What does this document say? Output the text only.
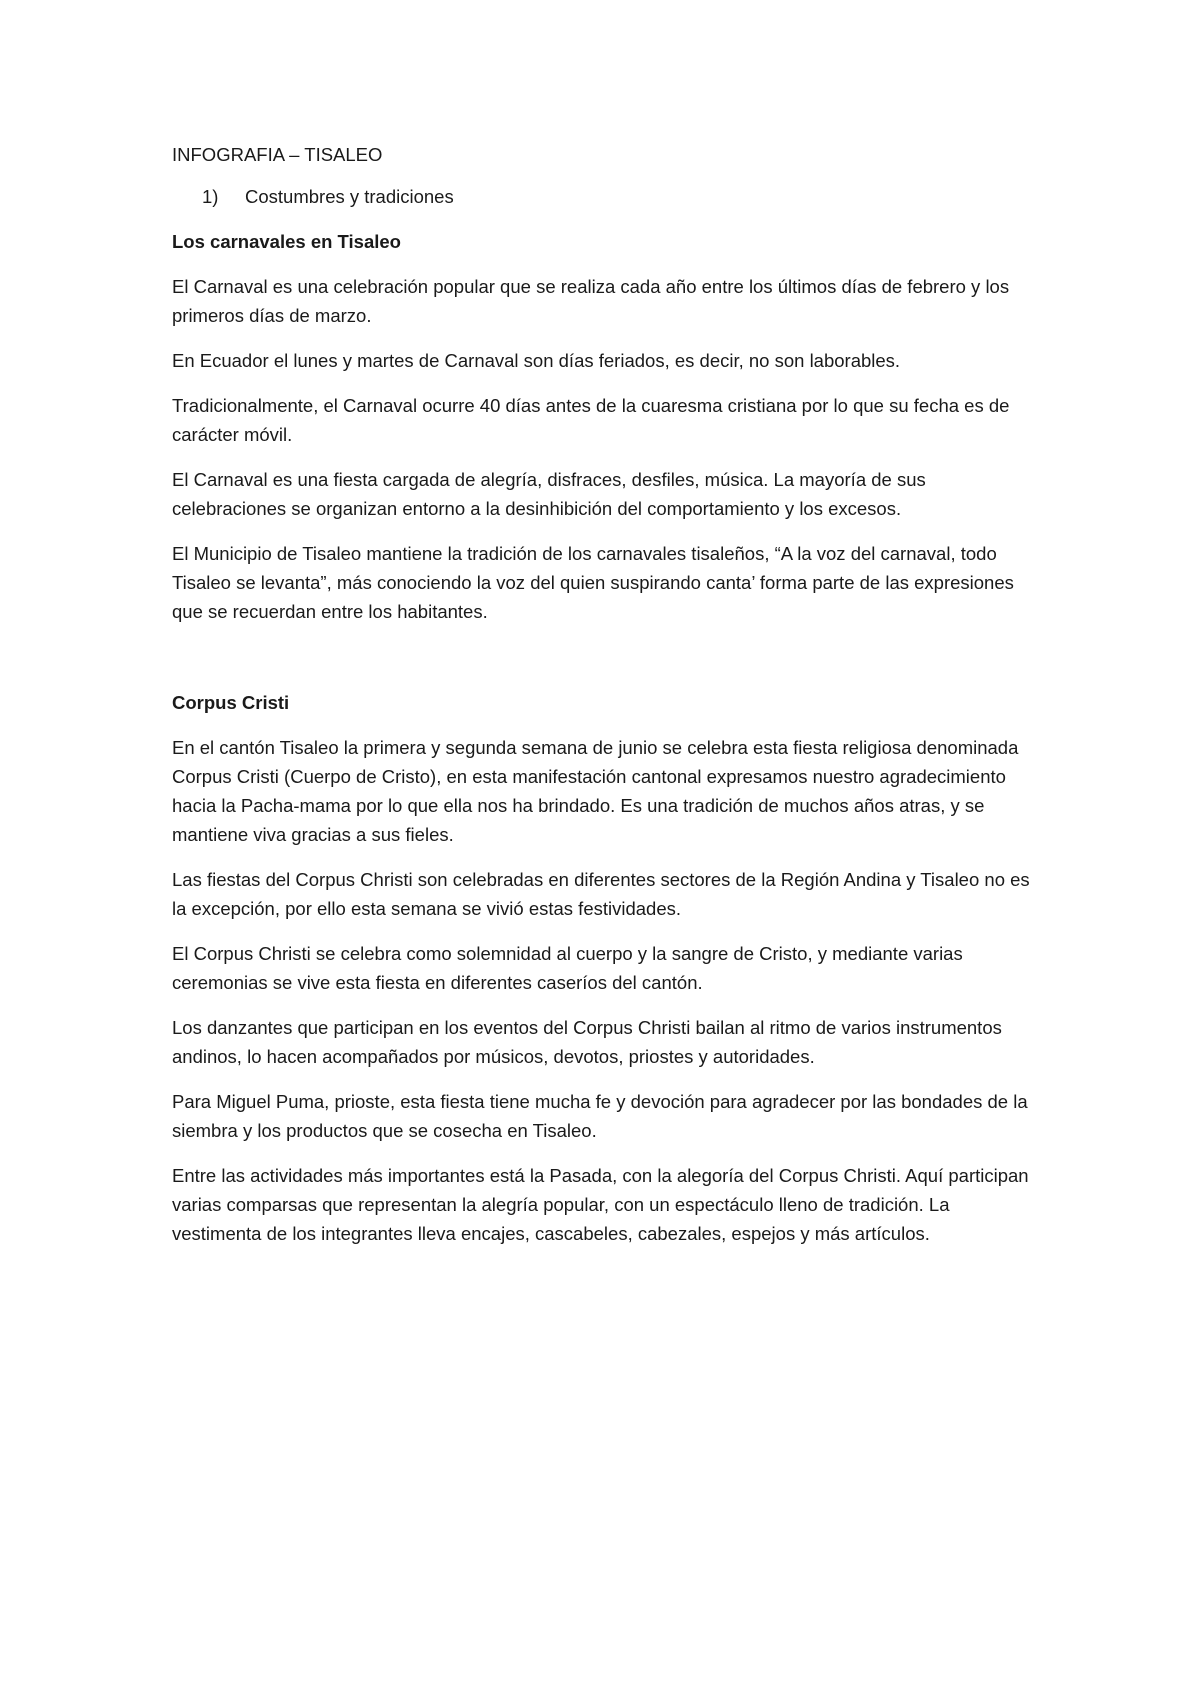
INFOGRAFIA – TISALEO
1)	Costumbres y tradiciones
Los carnavales en Tisaleo

El Carnaval es una celebración popular que se realiza cada año entre los últimos días de febrero y los primeros días de marzo.

En Ecuador el lunes y martes de Carnaval son días feriados, es decir, no son laborables.

Tradicionalmente, el Carnaval ocurre 40 días antes de la cuaresma cristiana por lo que su fecha es de carácter móvil.

El Carnaval es una fiesta cargada de alegría, disfraces, desfiles, música. La mayoría de sus celebraciones se organizan entorno a la desinhibición del comportamiento y los excesos.

El Municipio de Tisaleo mantiene la tradición de los carnavales tisaleños, “A la voz del carnaval, todo Tisaleo se levanta”, más conociendo la voz del quien suspirando canta’ forma parte de las expresiones que se recuerdan entre los habitantes.

Corpus Cristi

En el cantón Tisaleo la primera y segunda semana de junio se celebra esta fiesta religiosa denominada Corpus Cristi (Cuerpo de Cristo), en esta manifestación cantonal expresamos nuestro agradecimiento hacia la Pacha-mama por lo que ella nos ha brindado. Es una tradición de muchos años atras, y se mantiene viva gracias a sus fieles.

Las fiestas del Corpus Christi son celebradas en diferentes sectores de la Región Andina y Tisaleo no es la excepción, por ello esta semana se vivió estas festividades.

El Corpus Christi se celebra como solemnidad al cuerpo y la sangre de Cristo, y mediante varias ceremonias se vive esta fiesta en diferentes caseríos del cantón.

Los danzantes que participan en los eventos del Corpus Christi bailan al ritmo de varios instrumentos andinos, lo hacen acompañados por músicos, devotos, priostes y autoridades.

Para Miguel Puma, prioste, esta fiesta tiene mucha fe y devoción para agradecer por las bondades de la siembra y los productos que se cosecha en Tisaleo.

Entre las actividades más importantes está la Pasada, con la alegoría del Corpus Christi. Aquí participan varias comparsas que representan la alegría popular, con un espectáculo lleno de tradición. La vestimenta de los integrantes lleva encajes, cascabeles, cabezales, espejos y más artículos.
